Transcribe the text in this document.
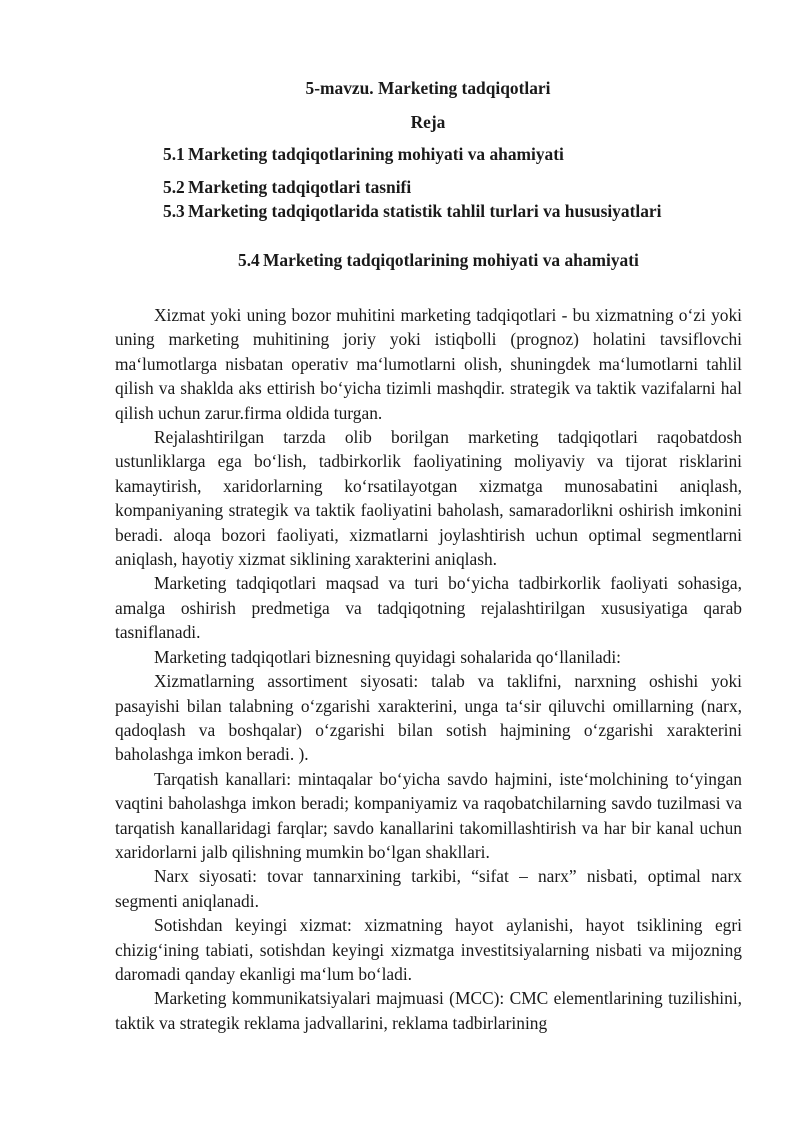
5-mavzu. Marketing tadqiqotlari
Reja
5.1 Marketing tadqiqotlarining mohiyati va ahamiyati
5.2 Marketing tadqiqotlari tasnifi
5.3 Marketing tadqiqotlarida statistik tahlil turlari va hususiyatlari
5.4 Marketing tadqiqotlarining mohiyati va ahamiyati

Xizmat yoki uning bozor muhitini marketing tadqiqotlari - bu xizmatning o‘zi yoki uning marketing muhitining joriy yoki istiqbolli (prognoz) holatini tavsiflovchi ma‘lumotlarga nisbatan operativ ma‘lumotlarni olish, shuningdek ma‘lumotlarni tahlil qilish va shaklda aks ettirish bo‘yicha tizimli mashqdir. strategik va taktik vazifalarni hal qilish uchun zarur.firma oldida turgan.

Rejalashtirilgan tarzda olib borilgan marketing tadqiqotlari raqobatdosh ustunliklarga ega bo‘lish, tadbirkorlik faoliyatining moliyaviy va tijorat risklarini kamaytirish, xaridorlarning ko‘rsatilayotgan xizmatga munosabatini aniqlash, kompaniyaning strategik va taktik faoliyatini baholash, samaradorlikni oshirish imkonini beradi. aloqa bozori faoliyati, xizmatlarni joylashtirish uchun optimal segmentlarni aniqlash, hayotiy xizmat siklining xarakterini aniqlash.

Marketing tadqiqotlari maqsad va turi bo‘yicha tadbirkorlik faoliyati sohasiga, amalga oshirish predmetiga va tadqiqotning rejalashtirilgan xususiyatiga qarab tasniflanadi.

Marketing tadqiqotlari biznesning quyidagi sohalarida qo‘llaniladi:

Xizmatlarning assortiment siyosati: talab va taklifni, narxning oshishi yoki pasayishi bilan talabning o‘zgarishi xarakterini, unga ta‘sir qiluvchi omillarning (narx, qadoqlash va boshqalar) o‘zgarishi bilan sotish hajmining o‘zgarishi xarakterini baholashga imkon beradi. ).

Tarqatish kanallari: mintaqalar bo‘yicha savdo hajmini, iste‘molchining to‘yingan vaqtini baholashga imkon beradi; kompaniyamiz va raqobatchilarning savdo tuzilmasi va tarqatish kanallaridagi farqlar; savdo kanallarini takomillashtirish va har bir kanal uchun xaridorlarni jalb qilishning mumkin bo‘lgan shakllari.

Narx siyosati: tovar tannarxining tarkibi, “sifat – narx” nisbati, optimal narx segmenti aniqlanadi.

Sotishdan keyingi xizmat: xizmatning hayot aylanishi, hayot tsiklining egri chizig‘ining tabiati, sotishdan keyingi xizmatga investitsiyalarning nisbati va mijozning daromadi qanday ekanligi ma‘lum bo‘ladi.

Marketing kommunikatsiyalari majmuasi (MCC): CMC elementlarining tuzilishini, taktik va strategik reklama jadvallarini, reklama tadbirlarining
